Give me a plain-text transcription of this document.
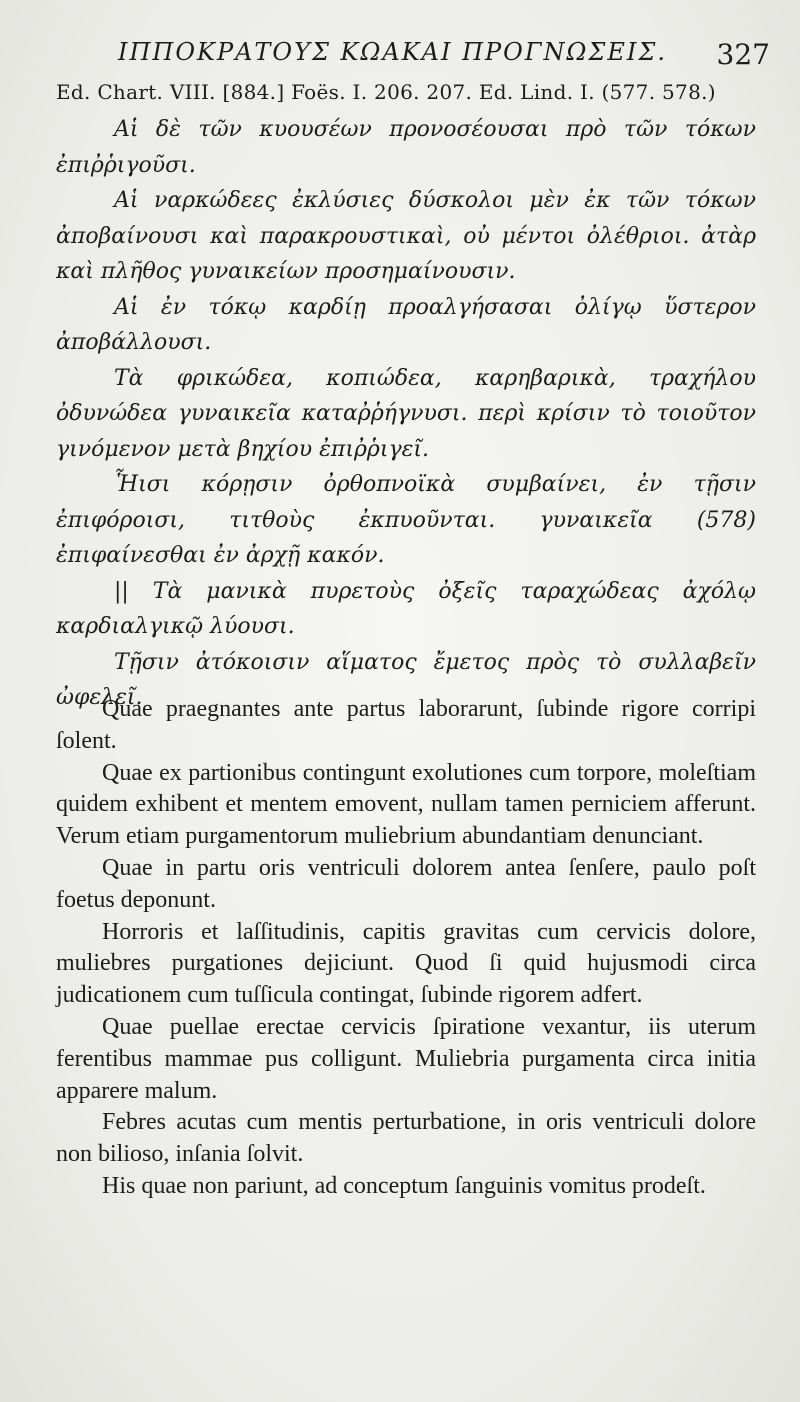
ΙΠΠΟΚΡΑΤΟΥΣ ΚΩΑΚΑΙ ΠΡΟΓΝΩΣΕΙΣ. 327
Ed. Chart. VIII. [884.] Foës. I. 206. 207. Ed. Lind. I. (577. 578.)

Αἱ δὲ τῶν κυουσέων προνοσέουσαι πρὸ τῶν τόκων ἐπιῤῥιγοῦσι.

Αἱ ναρκώδεες ἐκλύσιες δύσκολοι μὲν ἐκ τῶν τόκων ἀποβαίνουσι καὶ παρακρουστικαὶ, οὐ μέντοι ὀλέθριοι. ἀτὰρ καὶ πλῆθος γυναικείων προσημαίνουσιν.

Αἱ ἐν τόκῳ καρδίῃ προαλγήσασαι ὀλίγῳ ὕστερον ἀποβάλλουσι.

Τὰ φρικώδεα, κοπιώδεα, καρηβαρικὰ, τραχήλου ὀδυνώδεα γυναικεῖα καταῤῥήγνυσι. περὶ κρίσιν τὸ τοιοῦτον γινόμενον μετὰ βηχίου ἐπιῤῥιγεῖ.

Ἧισι κόρῃσιν ὀρθοπνοϊκὰ συμβαίνει, ἐν τῇσιν ἐπιφόροισι, τιτθοὺς ἐκπυοῦνται. γυναικεῖα (578) ἐπιφαίνεσθαι ἐν ἀρχῇ κακόν.

|| Τὰ μανικὰ πυρετοὺς ὀξεῖς ταραχώδεας ἀχόλῳ καρδιαλγικῷ λύουσι.

Τῇσιν ἀτόκοισιν αἵματος ἔμετος πρὸς τὸ συλλαβεῖν ὠφελεῖ.

Quae praegnantes ante partus laborarunt, ſubinde rigore corripi ſolent.

Quae ex partionibus contingunt exolutiones cum torpore, moleſtiam quidem exhibent et mentem emovent, nullam tamen perniciem afferunt. Verum etiam purgamentorum muliebrium abundantiam denunciant.

Quae in partu oris ventriculi dolorem antea ſenſere, paulo poſt foetus deponunt.

Horroris et laſſitudinis, capitis gravitas cum cervicis dolore, muliebres purgationes dejiciunt. Quod ſi quid hujusmodi circa judicationem cum tuſſicula contingat, ſubinde rigorem adfert.

Quae puellae erectae cervicis ſpiratione vexantur, iis uterum ferentibus mammae pus colligunt. Muliebria purgamenta circa initia apparere malum.

Febres acutas cum mentis perturbatione, in oris ventriculi dolore non bilioso, inſania ſolvit.

His quae non pariunt, ad conceptum ſanguinis vomitus prodeſt.
